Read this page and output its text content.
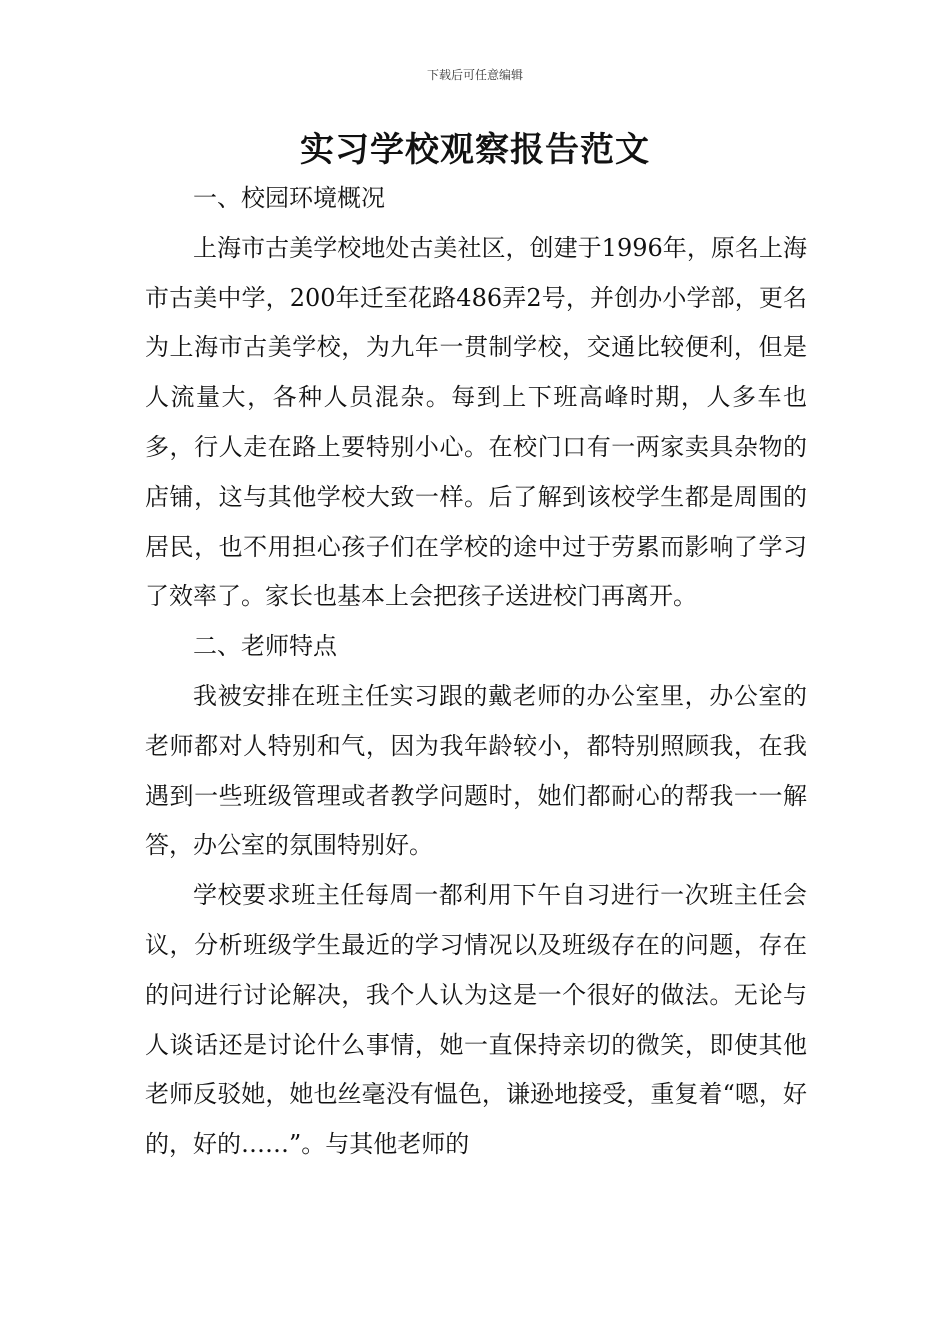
下载后可任意编辑
实习学校观察报告范文

一、校园环境概况

上海市古美学校地处古美社区，创建于1996年，原名上海市古美中学，200年迁至花路486弄2号，并创办小学部，更名为上海市古美学校，为九年一贯制学校，交通比较便利，但是人流量大，各种人员混杂。每到上下班高峰时期，人多车也多，行人走在路上要特别小心。在校门口有一两家卖具杂物的店铺，这与其他学校大致一样。后了解到该校学生都是周围的居民，也不用担心孩子们在学校的途中过于劳累而影响了学习了效率了。家长也基本上会把孩子送进校门再离开。

二、老师特点

我被安排在班主任实习跟的戴老师的办公室里，办公室的老师都对人特别和气，因为我年龄较小，都特别照顾我，在我遇到一些班级管理或者教学问题时，她们都耐心的帮我一一解答，办公室的氛围特别好。

学校要求班主任每周一都利用下午自习进行一次班主任会议，分析班级学生最近的学习情况以及班级存在的问题，存在的问进行讨论解决，我个人认为这是一个很好的做法。无论与人谈话还是讨论什么事情，她一直保持亲切的微笑，即使其他老师反驳她，她也丝毫没有愠色，谦逊地接受，重复着“嗯，好的，好的……”。与其他老师的
